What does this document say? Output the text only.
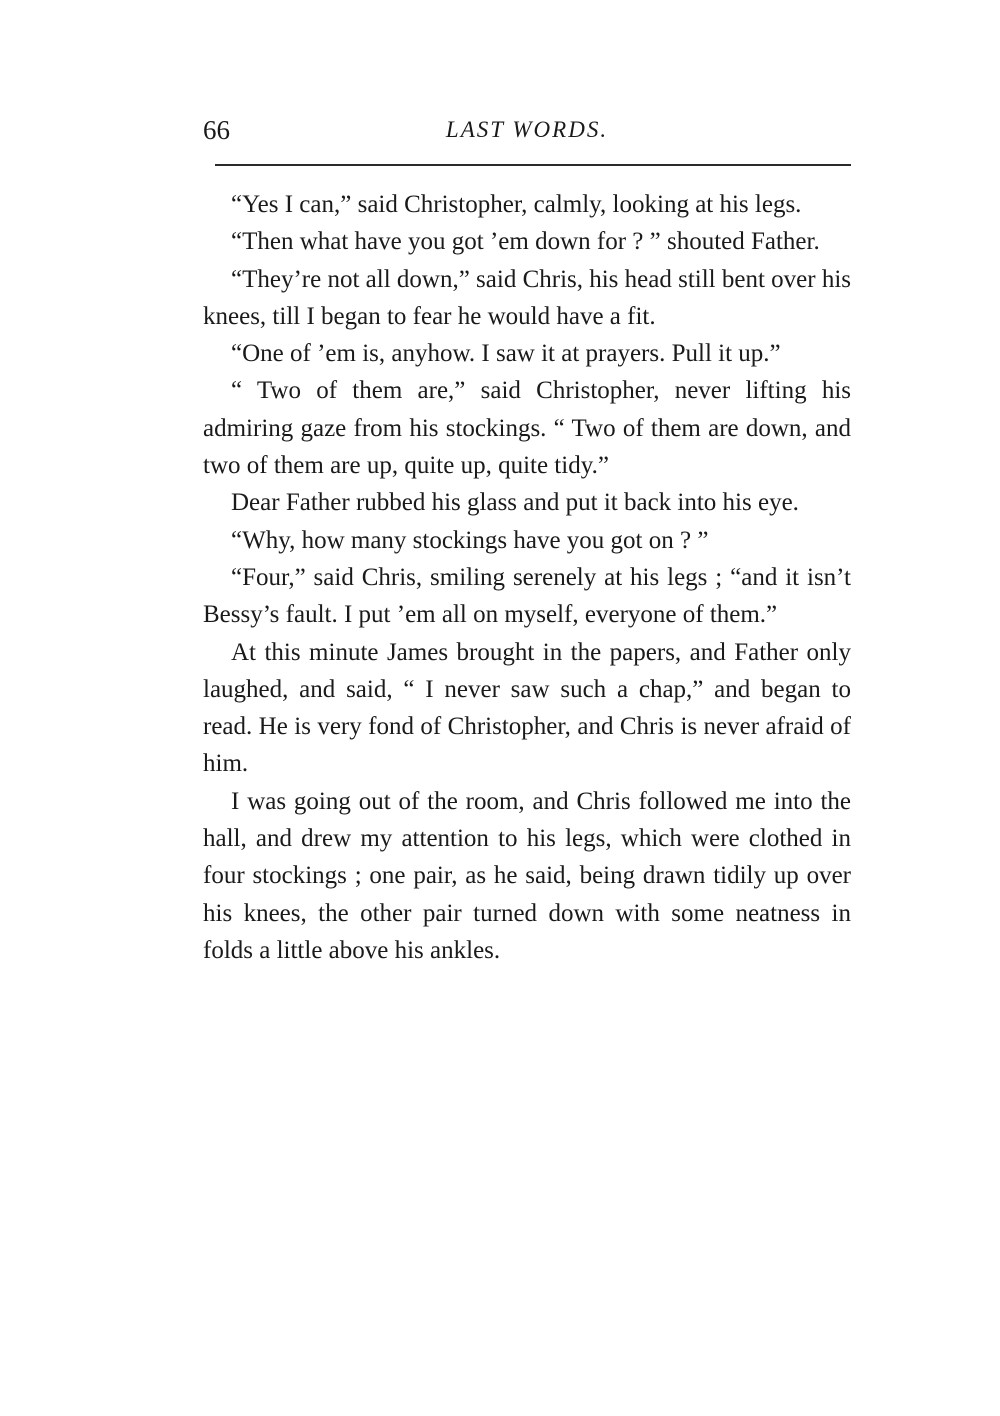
66	LAST WORDS.

“Yes I can,” said Christopher, calmly, looking at his legs.

“Then what have you got ’em down for ? ” shouted Father.

“They’re not all down,” said Chris, his head still bent over his knees, till I began to fear he would have a fit.

“One of ’em is, anyhow. I saw it at prayers. Pull it up.”

“ Two of them are,” said Christopher, never lifting his admiring gaze from his stockings. “ Two of them are down, and two of them are up, quite up, quite tidy.”

Dear Father rubbed his glass and put it back into his eye.

“Why, how many stockings have you got on ? ”

“Four,” said Chris, smiling serenely at his legs ; “and it isn’t Bessy’s fault. I put ’em all on myself, everyone of them.”

At this minute James brought in the papers, and Father only laughed, and said, “ I never saw such a chap,” and began to read. He is very fond of Christopher, and Chris is never afraid of him.

I was going out of the room, and Chris followed me into the hall, and drew my attention to his legs, which were clothed in four stockings ; one pair, as he said, being drawn tidily up over his knees, the other pair turned down with some neatness in folds a little above his ankles.
